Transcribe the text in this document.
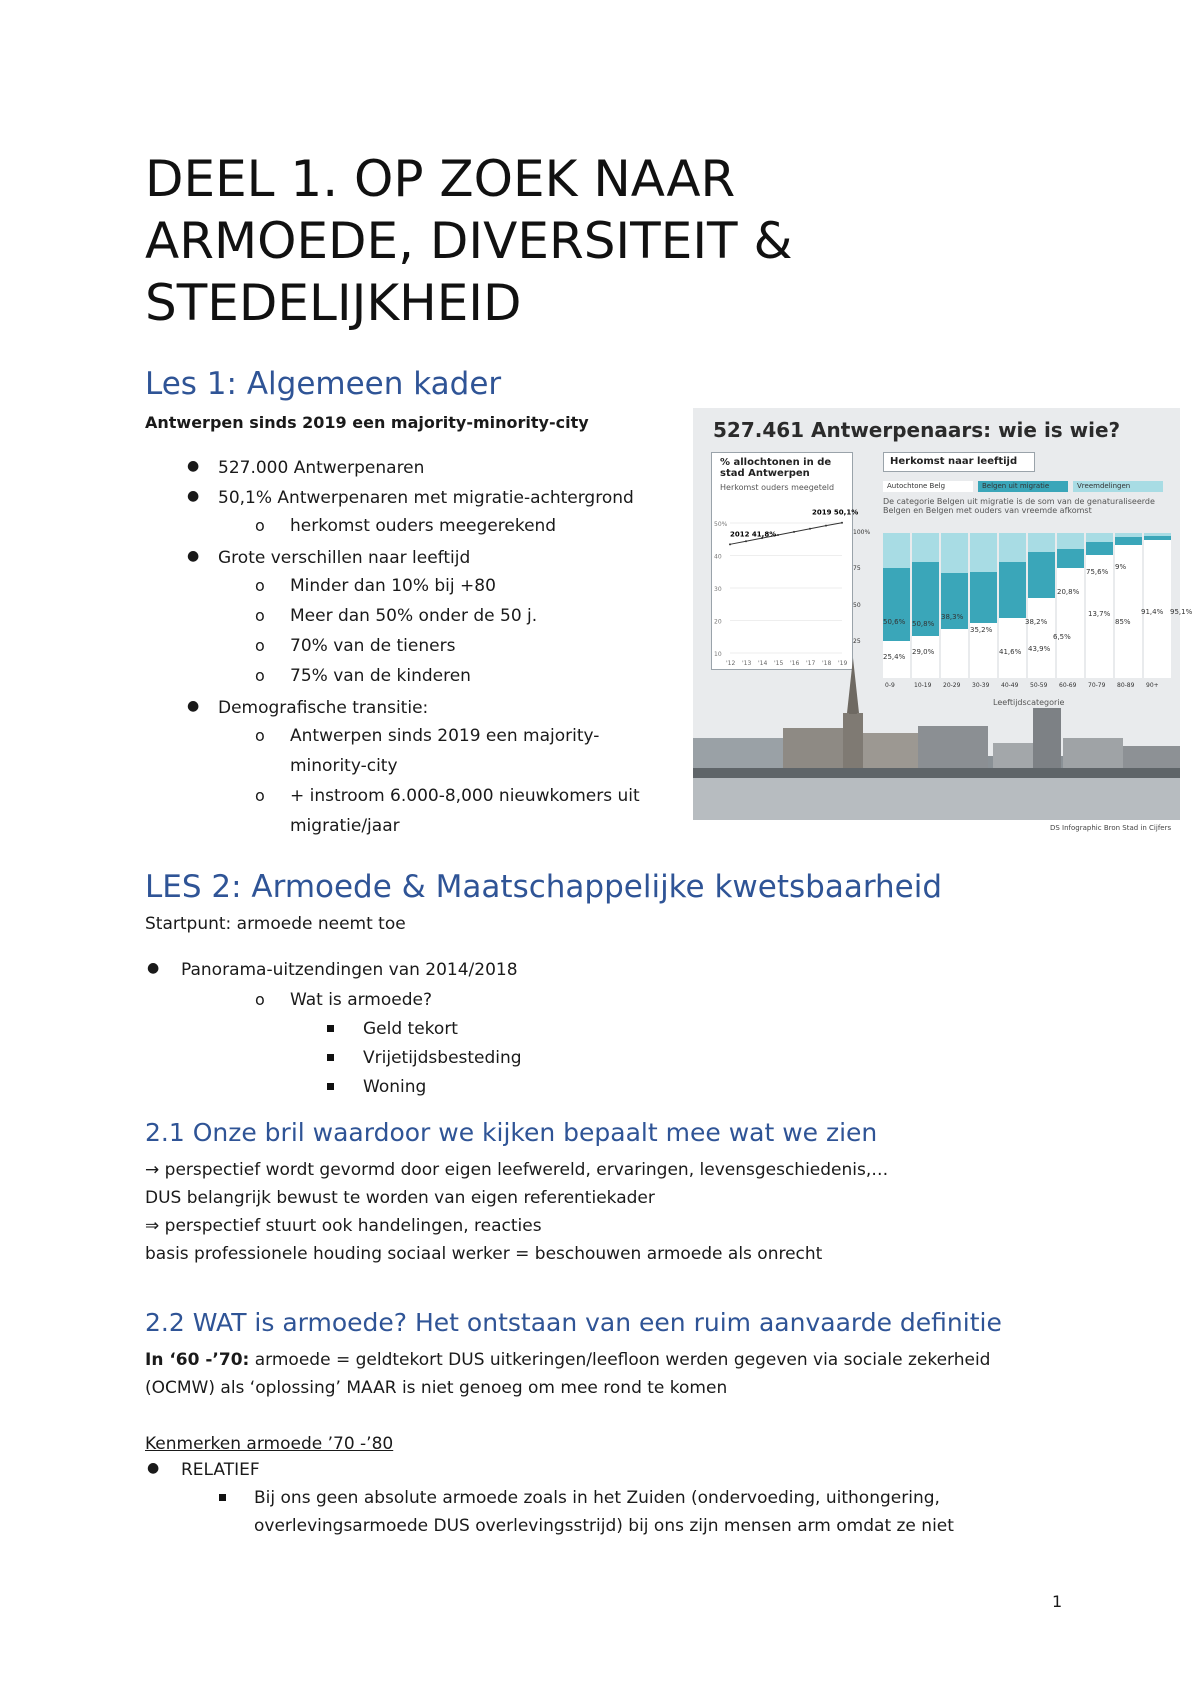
DEEL 1. OP ZOEK NAAR ARMOEDE, DIVERSITEIT & STEDELIJKHEID
Les 1: Algemeen kader
Antwerpen sinds 2019 een majority-minority-city
● 527.000 Antwerpenaren
● 50,1% Antwerpenaren met migratie-achtergrond
o herkomst ouders meegerekend
● Grote verschillen naar leeftijd
o Minder dan 10% bij +80
o Meer dan 50% onder de 50 j.
o 70% van de tieners
o 75% van de kinderen
● Demografische transitie:
o Antwerpen sinds 2019 een majority-
minority-city
o + instroom 6.000-8,000 nieuwkomers uit
migratie/jaar
527.461 Antwerpenaars: wie is wie?
% allochtonen in de stad Antwerpen
Herkomst ouders meegeteld
50%
40
30
20
10
'12 '13 '14 '15 '16 '17 '18 '19
2012 41,8%
2019 50,1%
Herkomst naar leeftijd
Autochtone Belg	Belgen uit migratie	Vreemdelingen
De categorie Belgen uit migratie is de som van de genaturaliseerde Belgen en Belgen met ouders van vreemde afkomst
100%
75
50
25
0-9	10-19 20-29 30-39 40-49 50-59 60-69 70-79 80-89 90+
25,4%
50,6%
29,0%
50,8%
38,3%
35,2%
41,6%
38,2%
43,9%
20,8%
6,5%
75,6%
13,7%
85%
9%
91,4% 95,1%
Leeftijdscategorie
DS Infographic Bron Stad in Cijfers
LES 2: Armoede & Maatschappelijke kwetsbaarheid
Startpunt: armoede neemt toe
● Panorama-uitzendingen van 2014/2018
o Wat is armoede?
Geld tekort
Vrijetijdsbesteding
Woning
2.1 Onze bril waardoor we kijken bepaalt mee wat we zien
→ perspectief wordt gevormd door eigen leefwereld, ervaringen, levensgeschiedenis,…
DUS belangrijk bewust te worden van eigen referentiekader
⇒ perspectief stuurt ook handelingen, reacties
basis professionele houding sociaal werker = beschouwen armoede als onrecht
2.2 WAT is armoede? Het ontstaan van een ruim aanvaarde definitie
In ‘60 -’70: armoede = geldtekort DUS uitkeringen/leefloon werden gegeven via sociale zekerheid
(OCMW) als ‘oplossing’ MAAR is niet genoeg om mee rond te komen
Kenmerken armoede ’70 -’80
● RELATIEF
Bij ons geen absolute armoede zoals in het Zuiden (ondervoeding, uithongering,
overlevingsarmoede DUS overlevingsstrijd) bij ons zijn mensen arm omdat ze niet
1
